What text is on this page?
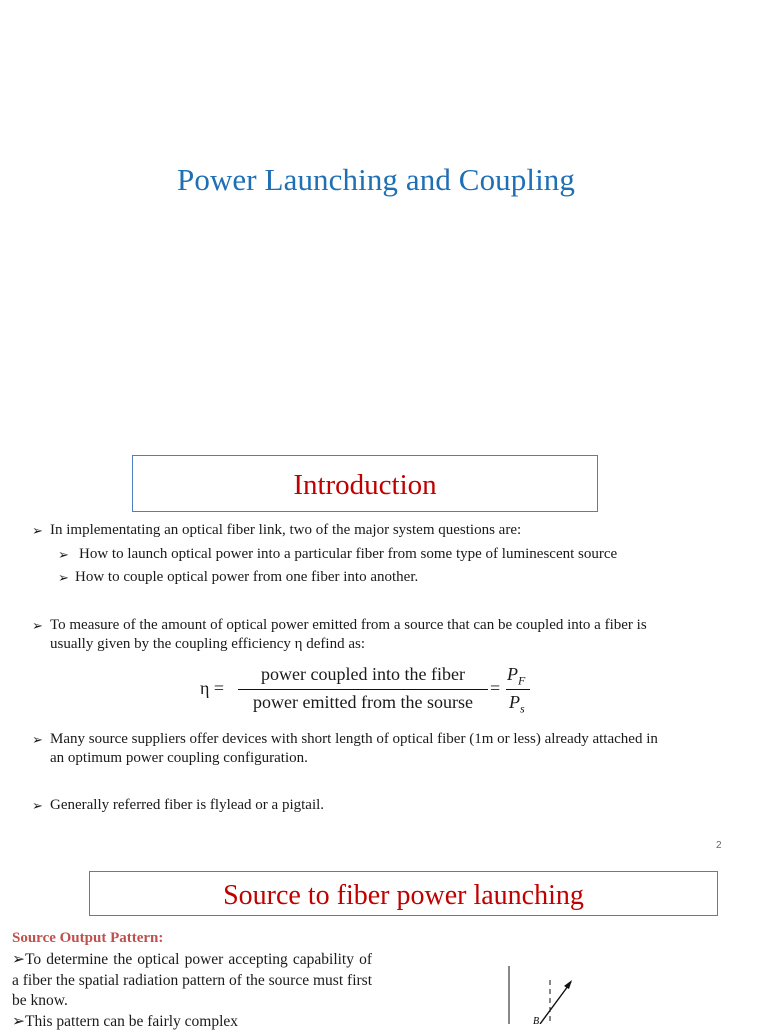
Power Launching and Coupling
Introduction
➢ In implementating an optical fiber link, two of the major system questions are:
➢ How to launch optical power into a particular fiber from some type of luminescent source
➢ How to couple optical power from one fiber into another.
➢ To measure of the amount of optical power emitted from a source that can be coupled into a fiber is
usually given by the coupling efficiency η defind as:
η =
power coupled into the fiber
power emitted from the sourse
=
$P_F$
$P_s$
➢ Many source suppliers offer devices with short length of optical fiber (1m or less) already attached in
an optimum power coupling configuration.
➢ Generally referred fiber is flylead or a pigtail.
2
Source to fiber power launching
Source Output Pattern:
➢To determine the optical power accepting capability of a fiber the spatial radiation pattern of the source must first be know.
➢This pattern can be fairly complex	B
